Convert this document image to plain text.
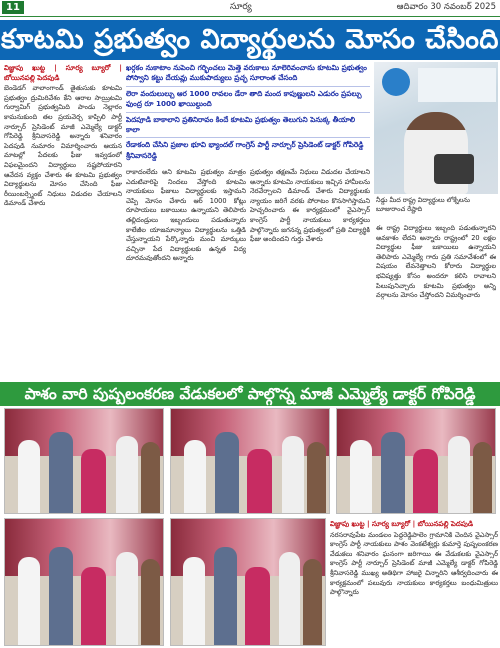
11	సూర్య	ఆదివారం 30 నవంబర్ 2025
కూటమి ప్రభుత్వం విద్యార్థులను మోసం చేసింది
విజ్ఞాపు ఖుట్ట | సూర్య బ్యూరో | బోయినపల్లి పెదపుడి
బెండెడగ్ వాలాంగాండ్ తైతుసుకు కూటమి ప్రభుత్వం ద్రుమిరివేశం కేని ఆరాల సాయ్రిటమి గుర్వామిగ్ ప్రభుత్వమిది పాండు నెల్లారం కామనుకుంది తల ప్రయవెర్చ కాప్పిలి పార్టీ నార్చూర్ ప్రెసిడెంట్ మాజీ ఎమ్మెల్యే డాక్టర్ గోపిరెడ్డి శ్రీనివాసరెడ్డి అన్నారు శనివారం పెదపుడి నుమారం విమార్శించారు ఆయన మాటల్లో పేదలకు ఫీజు ఇవ్వడంలో విఫలమైందని విద్యార్థులు నష్టపోయారని ఆవేదన వ్యక్తం చేశారు ఈ కూటమి ప్రభుత్వం విద్యార్థులను మోసం చేసింది ఫీజు రీయింబర్స్మెంట్ నిధులు విడుదల చేయాలని డిమాండ్ చేశారు

ఖర్గకం నుకాటాం నుపెంచి గర్భించలు మెత్తె వరుకాలు నూలెరివంచాను కూటమి ప్రభుత్వం పోస్వాని కట్టు దేయవ్లు ముకుపాద్యులు ప్రచ్ఛ సూరాంత చేసంది

లెరా వందులుల్చు ఆర 1000 రావలం డేరా తాది మంద కాపుణ్ణులని ఎడురం ప్రపల్చు ఫుంద్ర రూ 1000 ఖాయిల్దుంది

పెదపూడి బాకాలాని ప్రతినిరావం కిందే కూటమి ప్రభుత్వం తెలుగుని పెనుక్క తీయాలి కాలా

రేడాకంది చేసిని ప్రజాల భూవి భ్యాందల్ గాంగ్రెస్ పార్టీ నార్చూర్ ప్రెసిడెంట్ డాక్టర్ గోపిరెడ్డి శ్రీనివాసరెడ్డి

రాకాదంలేదు అని కూటమి ప్రభుత్వం మాత్రం ఎదుటివారిపై నిందలు వేస్తోంది కూటమి నాయకులు ఫీజులు విద్యార్థులకు ఇస్తామని చెప్పి మోసం చేశారు ఆర్ 1000 కోట్లు రూపాయలు బకాయిలు ఉన్నాయని తెలిపారు తల్లిదండ్రులు ఇబ్బందులు పడుతున్నారు కాలేజీల యాజమాన్యాలు విద్యార్థులను ఒత్తిడి చేస్తున్నాయని పేర్కొన్నారు మంచి మార్కులు వచ్చినా పేద విద్యార్థులకు ఉన్నత విద్య దూరమవుతోందని అన్నారు
ప్రభుత్వం తక్షణమే నిధులు విడుదల చేయాలని అన్నారు కూటమి నాయకులు ఇచ్చిన హామీలను నెరవేర్చాలని డిమాండ్ చేశారు విద్యార్థులకు న్యాయం జరిగే వరకు పోరాటం కొనసాగిస్తామని హెచ్చరించారు ఈ కార్యక్రమంలో వైఎస్సార్ కాంగ్రెస్ పార్టీ నాయకులు కార్యకర్తలు పాల్గొన్నారు జగనన్న ప్రభుత్వంలో ప్రతి విద్యార్థికి ఫీజు అందిందని గుర్తు చేశారు
నీడ్డు మీద రాష్ట్ర విద్యార్థులు లోక్నేలను బూజురాంచ రేష్టాది
ఈ రాష్ట్ర విద్యార్థులు ఇబ్బంది పడుతున్నారని అవకాశం లేదని అన్నారు రాష్ట్రంలో 20 లక్షల విద్యార్థుల ఫీజు బకాయిలు ఉన్నాయని తెలిపారు ఎమ్మెల్యే గారు ప్రతి సమావేశంలో ఈ విషయం లేవనెత్తాలని కోరారు విద్యార్థుల భవిష్యత్తు కోసం అందరూ కలిసి రావాలని పిలుపునిచ్చారు కూటమి ప్రభుత్వం అన్ని వర్గాలను మోసం చేస్తోందని విమర్శించారు
పాశం వారి పుష్పలంకరణ వేడుకలలో పాల్గొన్న మాజీ ఎమ్మెల్యే డాక్టర్ గోపిరెడ్డి
విజ్ఞాపు ఖుట్ట | సూర్య బ్యూరో | బోయినపల్లి పెదపుడి
నరసరావుపేట మండలం పెద్దరెడ్డిపాలెం గ్రామానికి చెందిన వైఎస్సార్ కాంగ్రెస్ పార్టీ నాయకులు పాశం వెంకటేశ్వర్లు కుమార్తె పుష్పలంకరణ వేడుకలు శనివారం ఘనంగా జరిగాయి ఈ వేడుకలకు వైఎస్సార్ కాంగ్రెస్ పార్టీ నార్చూర్ ప్రెసిడెంట్ మాజీ ఎమ్మెల్యే డాక్టర్ గోపిరెడ్డి శ్రీనివాసరెడ్డి ముఖ్య అతిథిగా హాజరై చిన్నారిని ఆశీర్వదించారు ఈ కార్యక్రమంలో పలువురు నాయకులు కార్యకర్తలు బంధుమిత్రులు పాల్గొన్నారు
